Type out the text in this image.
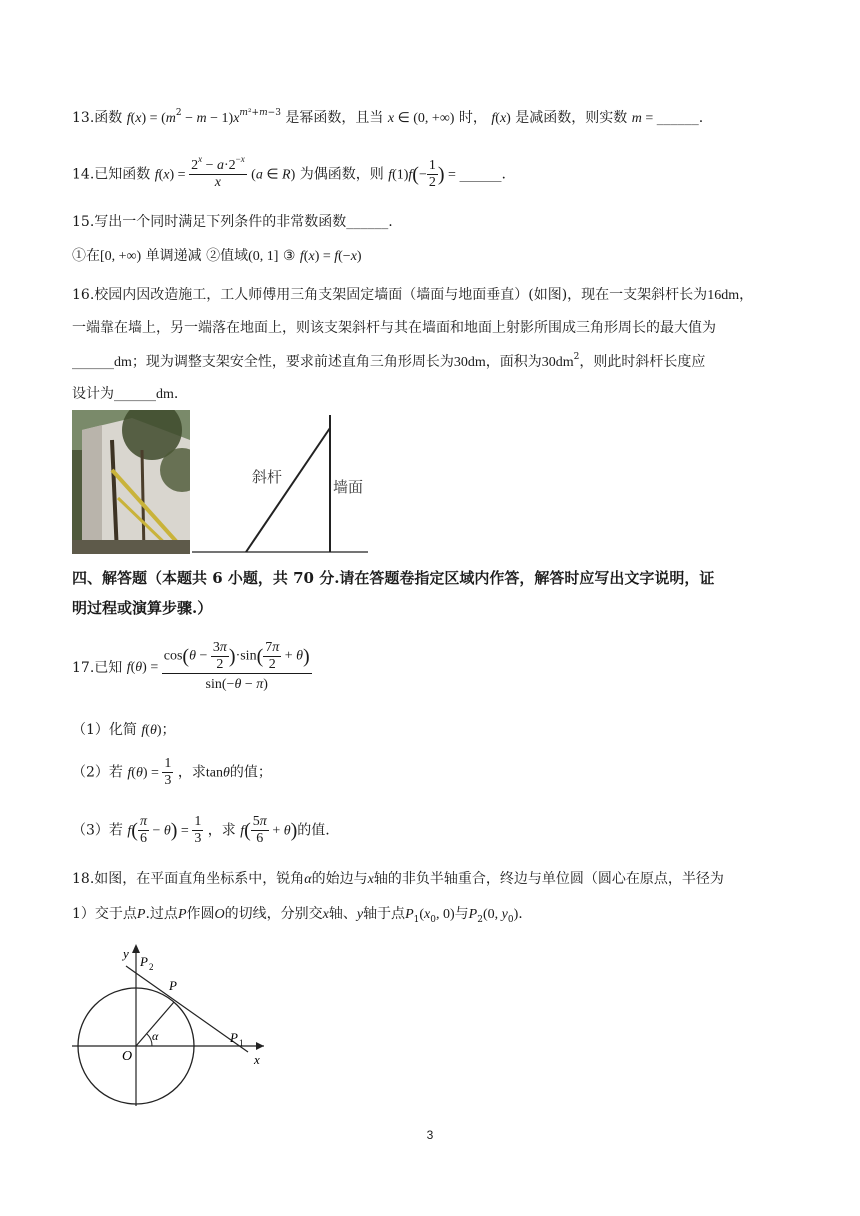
13.函数 $f(x) = (m^2 - m - 1)x^{m^2+m-3}$ 是幂函数，且当 x ∈ (0, +∞) 时， f(x) 是减函数，则实数 m = ______.
14.已知函数 $f(x) = \frac{2^x - a\cdot 2^{-x}}{x} (a$ ∈ R) 为偶函数，则 $f(1)f(- \frac{1}{2}$ ) = ______.
15.写出一个同时满足下列条件的非常数函数______.
①在[0, +∞) 单调递减 ②值域(0, 1] ③ f(x) = f(−x)
16.校园内因改造施工，工人师傅用三角支架固定墙面（墙面与地面垂直）(如图)，现在一支架斜杆长为16dm，
一端靠在墙上，另一端落在地面上，则该支架斜杆与其在墙面和地面上射影所围成三角形周长的最大值为
______dm；现为调整支架安全性，要求前述直角三角形周长为30dm，面积为$30dm^2$，则此时斜杆长度应
设计为______dm.
斜杆
墙面
四、解答题（本题共 6 小题，共 70 分.请在答题卷指定区域内作答，解答时应写出文字说明，证
明过程或演算步骤.）
17.已知 $f(\theta) = \frac{\cos(\theta - \frac{3\pi}{2} )\cdot\sin( \frac{7\pi}{2} + \theta)}{\sin(-\theta - \pi)}$
（1）化简 f(θ)；
（2）若 $f(\theta) = \frac{1}{3}$ ，求tanθ的值；
（3）若 $f( \frac{\pi}{6} - \theta) = \frac{1}{3}$ ，求 $f( \frac{5\pi}{6} + \theta)$的值.
18.如图，在平面直角坐标系中，锐角α的始边与x轴的非负半轴重合，终边与单位圆（圆心在原点，半径为
1）交于点P.过点P作圆O的切线，分别交x轴、y轴于点$P_1(x_0$, 0)与$P_2(0$, $y_0$).
α
O
y
x
P
P 2
P 1
3
